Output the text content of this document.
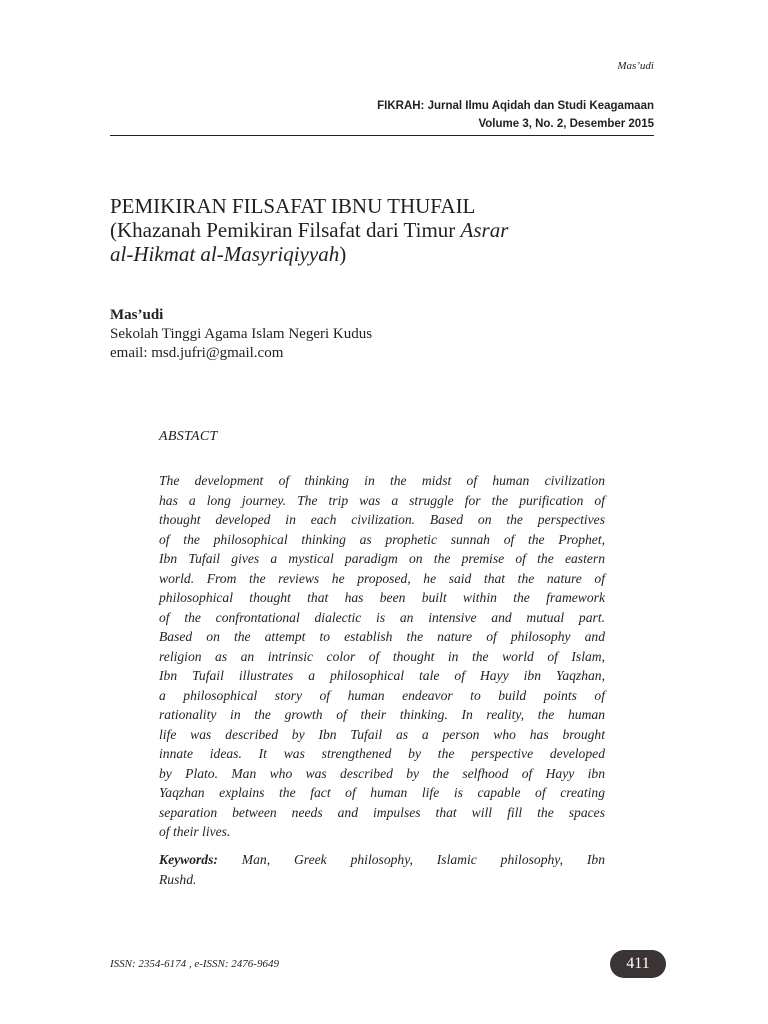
Mas’udi
FIKRAH: Jurnal Ilmu Aqidah dan Studi Keagamaan
Volume 3, No. 2, Desember 2015
PEMIKIRAN FILSAFAT IBNU THUFAIL
(Khazanah Pemikiran Filsafat dari Timur Asrar
al-Hikmat al-Masyriqiyyah)
Mas’udi
Sekolah Tinggi Agama Islam Negeri Kudus
email: msd.jufri@gmail.com
ABSTACT
The development of thinking in the midst of human civilization
has a long journey. The trip was a struggle for the purification of
thought developed in each civilization. Based on the perspectives
of the philosophical thinking as prophetic sunnah of the Prophet,
Ibn Tufail gives a mystical paradigm on the premise of the eastern
world. From the reviews he proposed, he said that the nature of
philosophical thought that has been built within the framework
of the confrontational dialectic is an intensive and mutual part.
Based on the attempt to establish the nature of philosophy and
religion as an intrinsic color of thought in the world of Islam,
Ibn Tufail illustrates a philosophical tale of Hayy ibn Yaqzhan,
a philosophical story of human endeavor to build points of
rationality in the growth of their thinking. In reality, the human
life was described by Ibn Tufail as a person who has brought
innate ideas. It was strengthened by the perspective developed
by Plato. Man who was described by the selfhood of Hayy ibn
Yaqzhan explains the fact of human life is capable of creating
separation between needs and impulses that will fill the spaces
of their lives.
Keywords: Man, Greek philosophy, Islamic philosophy, Ibn
Rushd.
ISSN: 2354-6174 , e-ISSN: 2476-9649	411
